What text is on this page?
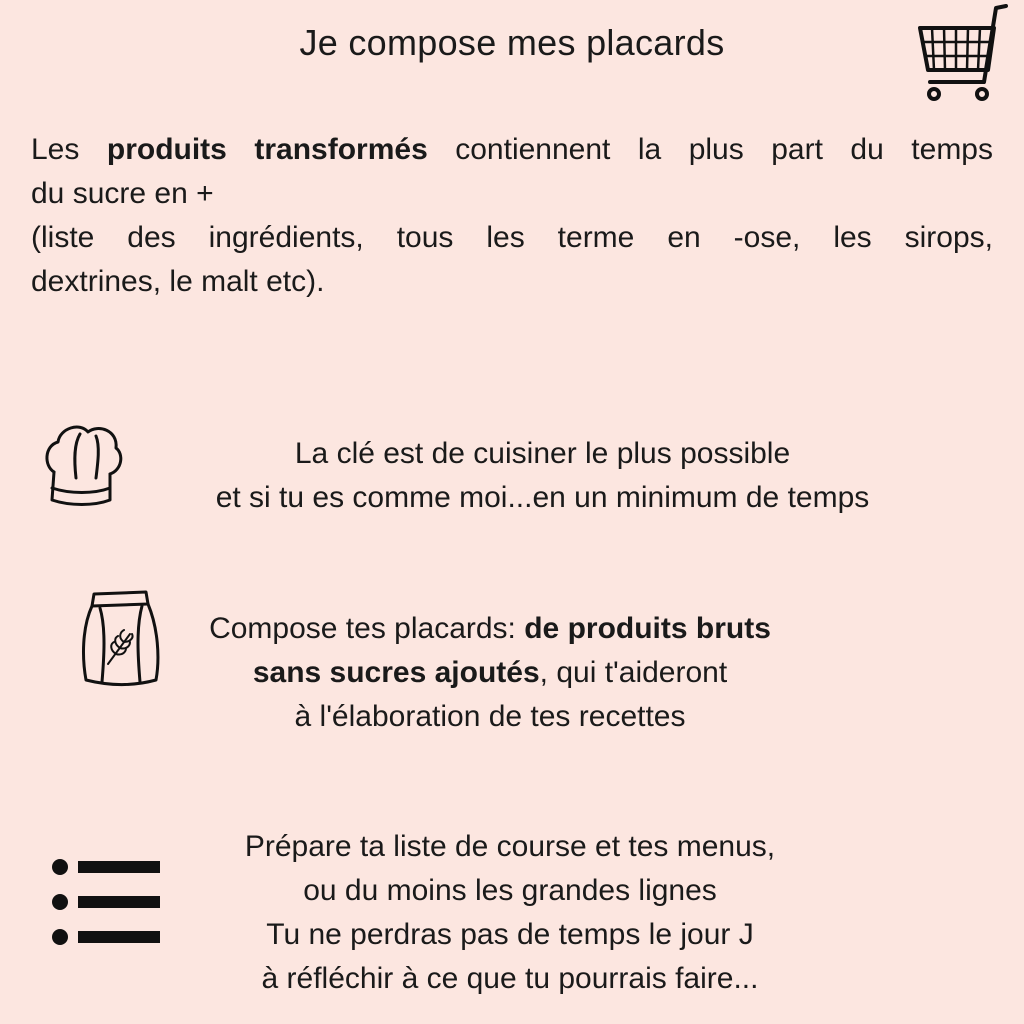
Je compose mes placards
Les produits transformés contiennent la plus part du temps
du sucre en +
(liste des ingrédients, tous les terme en -ose, les sirops,
dextrines, le malt etc).
La clé est de cuisiner le plus possible
et si tu es comme moi...en un minimum de temps
Compose tes placards: de produits bruts
sans sucres ajoutés, qui t'aideront
à l'élaboration de tes recettes
Prépare ta liste de course et tes menus,
ou du moins les grandes lignes
Tu ne perdras pas de temps le jour J
à réfléchir à ce que tu pourrais faire...
